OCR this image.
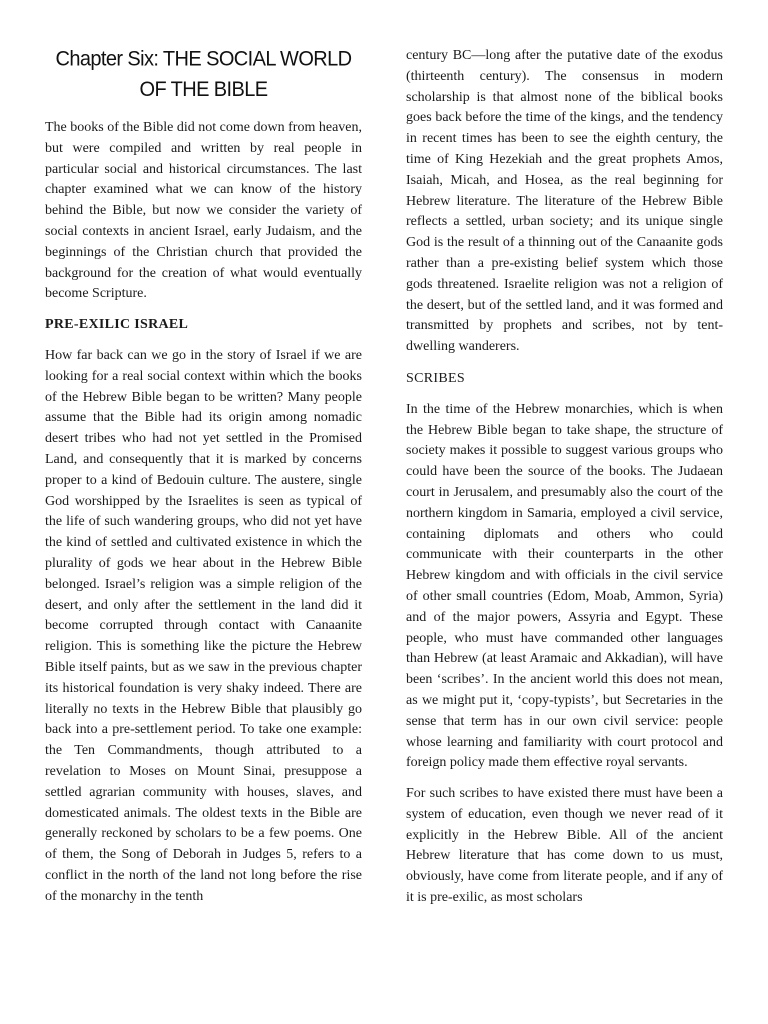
Chapter Six: THE SOCIAL WORLD
OF THE BIBLE

The books of the Bible did not come down from heaven, but were compiled and written by real people in particular social and historical circumstances. The last chapter examined what we can know of the history behind the Bible, but now we consider the variety of social contexts in ancient Israel, early Judaism, and the beginnings of the Christian church that provided the background for the creation of what would eventually become Scripture.

PRE-EXILIC ISRAEL

How far back can we go in the story of Israel if we are looking for a real social context within which the books of the Hebrew Bible began to be written? Many people assume that the Bible had its origin among nomadic desert tribes who had not yet settled in the Promised Land, and consequently that it is marked by concerns proper to a kind of Bedouin culture. The austere, single God worshipped by the Israelites is seen as typical of the life of such wandering groups, who did not yet have the kind of settled and cultivated existence in which the plurality of gods we hear about in the Hebrew Bible belonged. Israel’s religion was a simple religion of the desert, and only after the settlement in the land did it become corrupted through contact with Canaanite religion. This is something like the picture the Hebrew Bible itself paints, but as we saw in the previous chapter its historical foundation is very shaky indeed. There are literally no texts in the Hebrew Bible that plausibly go back into a pre-settlement period. To take one example: the Ten Commandments, though attributed to a revelation to Moses on Mount Sinai, presuppose a settled agrarian community with houses, slaves, and domesticated animals. The oldest texts in the Bible are generally reckoned by scholars to be a few poems. One of them, the Song of Deborah in Judges 5, refers to a conflict in the north of the land not long before the rise of the monarchy in the tenth

century BC—long after the putative date of the exodus (thirteenth century). The consensus in modern scholarship is that almost none of the biblical books goes back before the time of the kings, and the tendency in recent times has been to see the eighth century, the time of King Hezekiah and the great prophets Amos, Isaiah, Micah, and Hosea, as the real beginning for Hebrew literature. The literature of the Hebrew Bible reflects a settled, urban society; and its unique single God is the result of a thinning out of the Canaanite gods rather than a pre-existing belief system which those gods threatened. Israelite religion was not a religion of the desert, but of the settled land, and it was formed and transmitted by prophets and scribes, not by tent-dwelling wanderers.

SCRIBES

In the time of the Hebrew monarchies, which is when the Hebrew Bible began to take shape, the structure of society makes it possible to suggest various groups who could have been the source of the books. The Judaean court in Jerusalem, and presumably also the court of the northern kingdom in Samaria, employed a civil service, containing diplomats and others who could communicate with their counterparts in the other Hebrew kingdom and with officials in the civil service of other small countries (Edom, Moab, Ammon, Syria) and of the major powers, Assyria and Egypt. These people, who must have commanded other languages than Hebrew (at least Aramaic and Akkadian), will have been ‘scribes’. In the ancient world this does not mean, as we might put it, ‘copy-typists’, but Secretaries in the sense that term has in our own civil service: people whose learning and familiarity with court protocol and foreign policy made them effective royal servants.

For such scribes to have existed there must have been a system of education, even though we never read of it explicitly in the Hebrew Bible. All of the ancient Hebrew literature that has come down to us must, obviously, have come from literate people, and if any of it is pre-exilic, as most scholars
